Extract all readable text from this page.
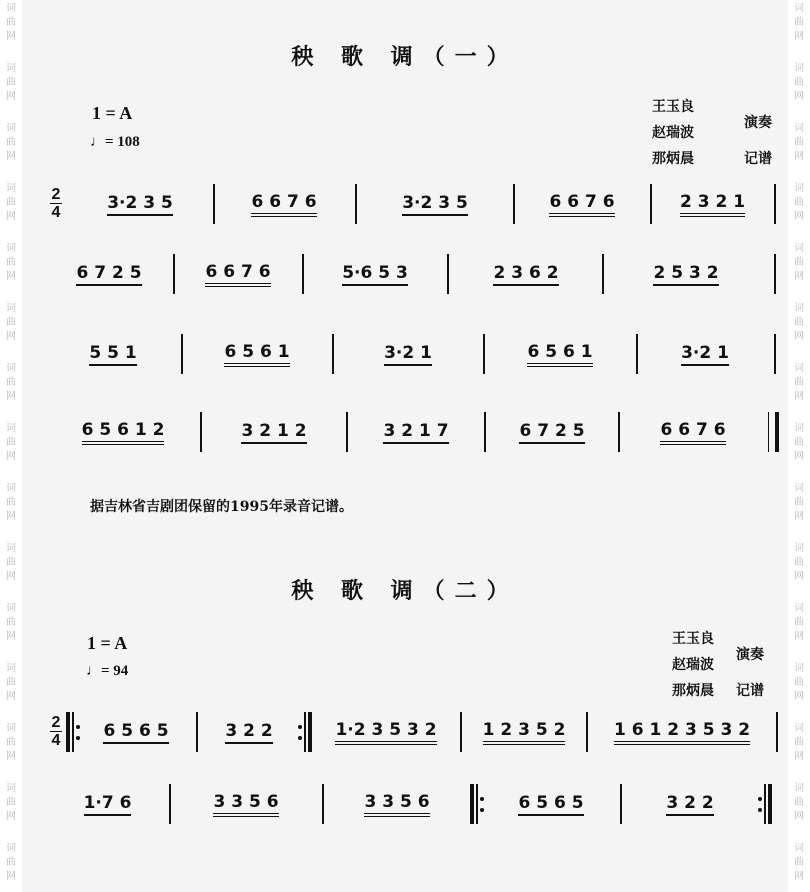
词曲网
词曲网
词曲网
词曲网
词曲网
词曲网
词曲网
词曲网
词曲网
词曲网
词曲网
词曲网
词曲网
词曲网
词曲网
词曲网
词曲网
词曲网
词曲网
词曲网
词曲网
词曲网
词曲网
词曲网
词曲网
词曲网
词曲网
词曲网
词曲网
词曲网
秧 歌 调（一）
1 = A
♩= 108
王玉良
赵瑞波
那炳晨
演奏
记谱
2
4	3·2 3 5	6 6 7 6	3·2 3 5	6 6 7 6	2 3 2 1
6 7 2 5	6 6 7 6	5·6 5 3	2 3 6 2	2 5 3 2
5 5 1	6 5 6 1	3·2 1	6 5 6 1	3·2 1
6 5 6 1 2	3 2 1 2	3 2 1 7	6 7 2 5	6 6 7 6
据吉林省吉剧团保留的1995年录音记谱。
秧 歌 调（二）
1 = A
♩= 94
王玉良
赵瑞波
那炳晨
演奏
记谱
2
4	6 5 6 5	3 2 2	1·2 3 5 3 2	1 2 3 5 2	1 6 1 2 3 5 3 2
1·7 6	3 3 5 6	3 3 5 6	6 5 6 5	3 2 2
